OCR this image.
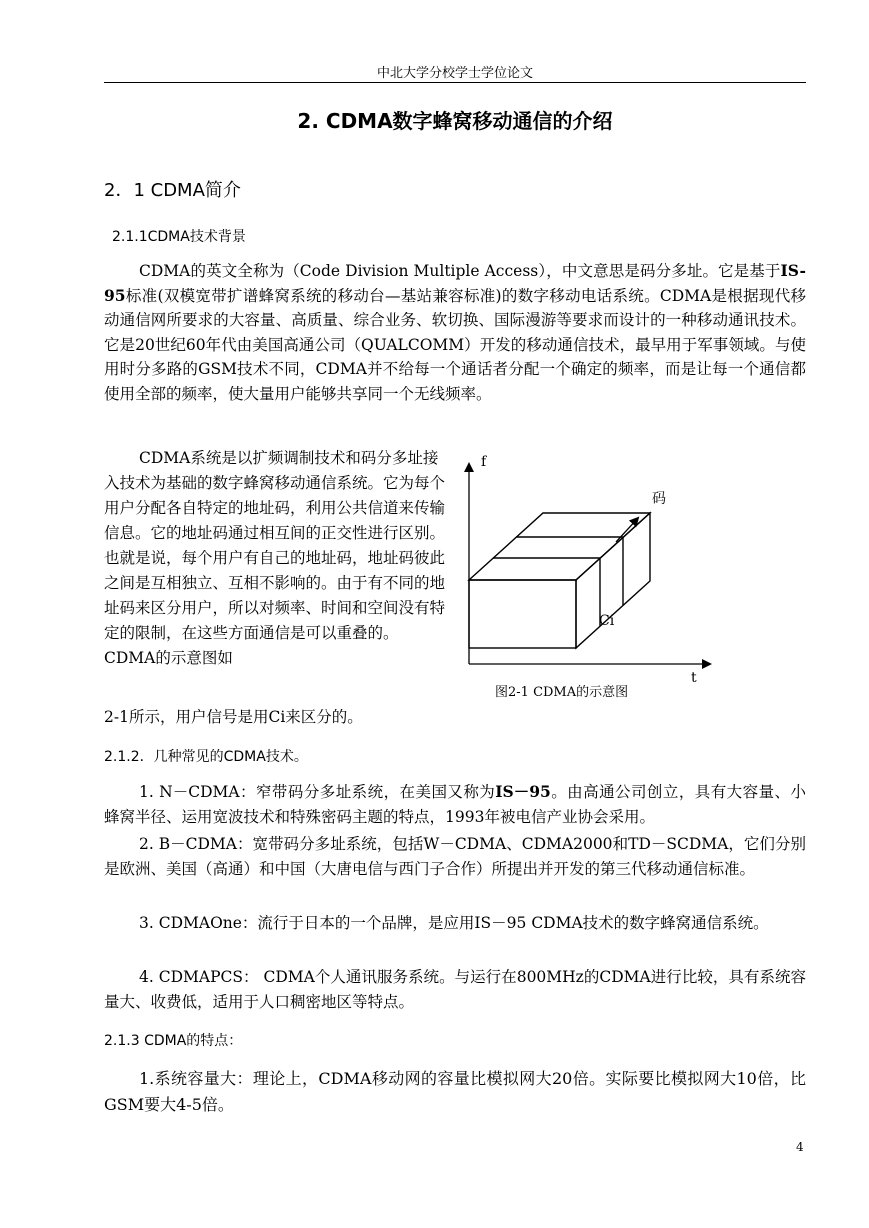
中北大学分校学士学位论文
2. CDMA数字蜂窝移动通信的介绍
2．1 CDMA简介
2.1.1CDMA技术背景

CDMA的英文全称为（Code Division Multiple Access），中文意思是码分多址。它是基于IS-95标准(双模宽带扩谱蜂窝系统的移动台—基站兼容标准)的数字移动电话系统。CDMA是根据现代移动通信网所要求的大容量、高质量、综合业务、软切换、国际漫游等要求而设计的一种移动通讯技术。它是20世纪60年代由美国高通公司（QUALCOMM）开发的移动通信技术，最早用于军事领域。与使用时分多路的GSM技术不同，CDMA并不给每一个通话者分配一个确定的频率，而是让每一个通信都使用全部的频率，使大量用户能够共享同一个无线频率。

CDMA系统是以扩频调制技术和码分多址接入技术为基础的数字蜂窝移动通信系统。它为每个用户分配各自特定的地址码，利用公共信道来传输信息。它的地址码通过相互间的正交性进行区别。也就是说，每个用户有自己的地址码，地址码彼此之间是互相独立、互相不影响的。由于有不同的地址码来区分用户，所以对频率、时间和空间没有特定的限制，在这些方面通信是可以重叠的。CDMA的示意图如

2-1所示，用户信号是用Ci来区分的。

f
码
Ci
t
图2-1 CDMA的示意图
2.1.2．几种常见的CDMA技术。

1. N－CDMA：窄带码分多址系统，在美国又称为IS－95。由高通公司创立，具有大容量、小蜂窝半径、运用宽波技术和特殊密码主题的特点，1993年被电信产业协会采用。

2. B－CDMA：宽带码分多址系统，包括W－CDMA、CDMA2000和TD－SCDMA，它们分别是欧洲、美国（高通）和中国（大唐电信与西门子合作）所提出并开发的第三代移动通信标准。

3. CDMAOne：流行于日本的一个品牌，是应用IS－95 CDMA技术的数字蜂窝通信系统。

4. CDMAPCS： CDMA个人通讯服务系统。与运行在800MHz的CDMA进行比较，具有系统容量大、收费低，适用于人口稠密地区等特点。

2.1.3 CDMA的特点：

1.系统容量大：理论上，CDMA移动网的容量比模拟网大20倍。实际要比模拟网大10倍，比GSM要大4-5倍。

4
